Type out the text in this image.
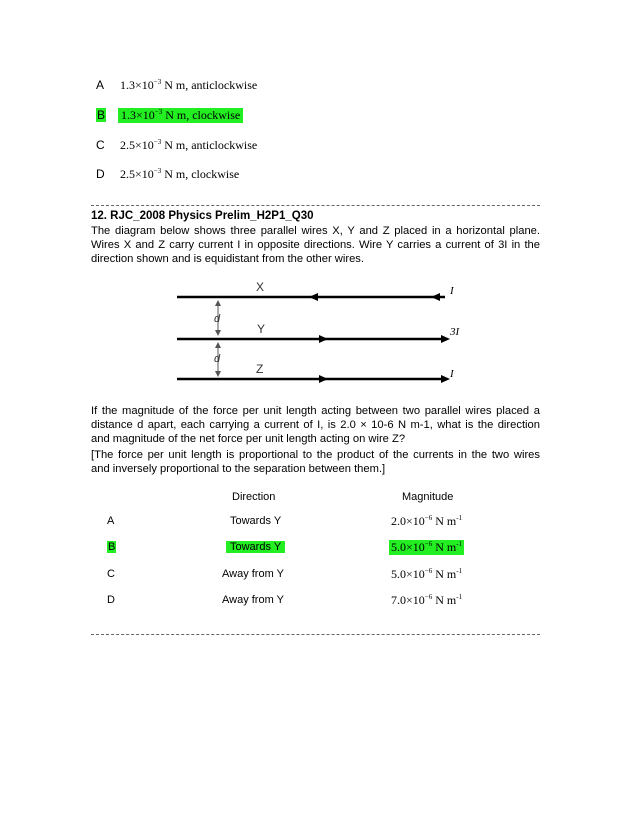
A $1.3\times 10^{-3}$ N m, anticlockwise
B $1.3\times 10^{-3}$ N m, clockwise
C $2.5\times 10^{-3}$ N m, anticlockwise
D $2.5\times 10^{-3}$ N m, clockwise
12. RJC_2008 Physics Prelim_H2P1_Q30
The diagram below shows three parallel wires X, Y and Z placed in a horizontal plane.
Wires X and Z carry current I in opposite directions. Wire Y carries a current of 3I in the
direction shown and is equidistant from the other wires.
X
Y
Z
I
3I
I
d
d
If the magnitude of the force per unit length acting between two parallel wires placed a
distance d apart, each carrying a current of I, is 2.0 × 10-6 N m-1, what is the direction
and magnitude of the net force per unit length acting on wire Z?
[The force per unit length is proportional to the product of the currents in the two wires
and inversely proportional to the separation between them.]
Direction	Magnitude
A	Towards Y	$2.0\times 10^{-6}$ N $m^{-1}$
B	Towards Y	$5.0\times 10^{-6}$ N $m^{-1}$
C	Away from Y	$5.0\times 10^{-6}$ N $m^{-1}$
D	Away from Y	$7.0\times 10^{-6}$ N $m^{-1}$
